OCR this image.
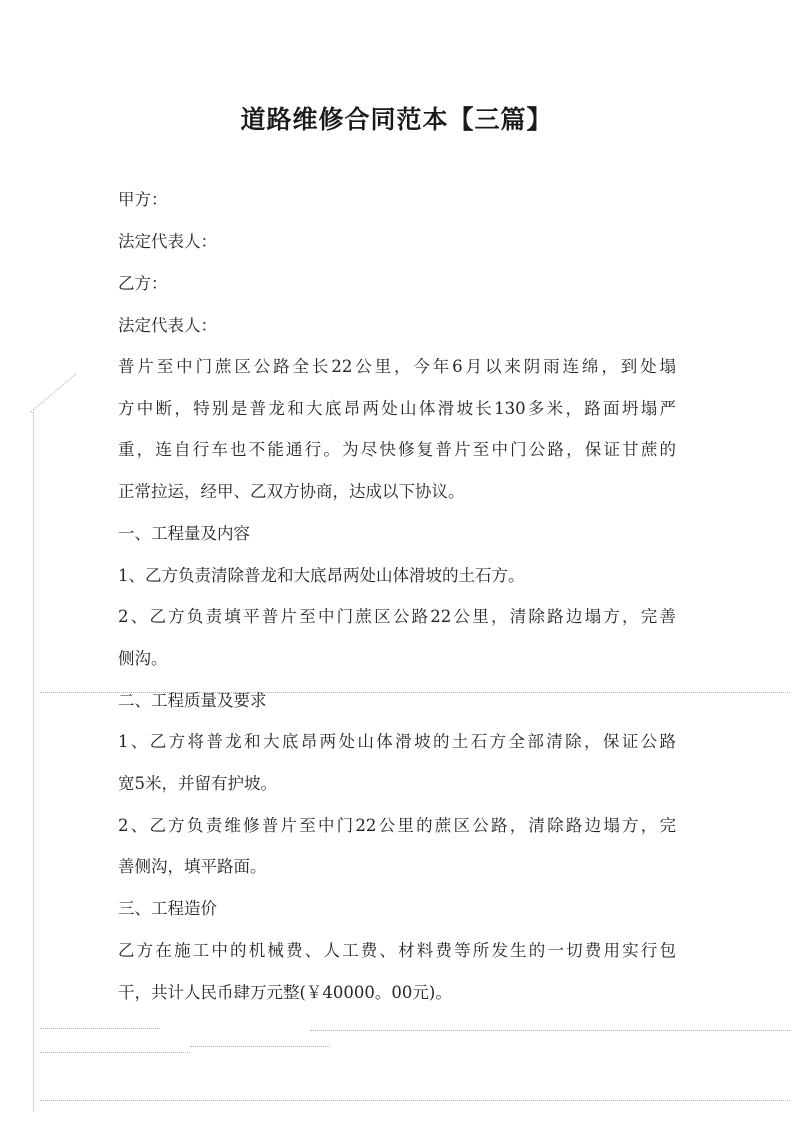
道路维修合同范本【三篇】
甲方：
法定代表人：
乙方：
法定代表人：
普片至中门蔗区公路全长22公里，今年6月以来阴雨连绵，到处塌
方中断，特别是普龙和大底昂两处山体滑坡长130多米，路面坍塌严
重，连自行车也不能通行。为尽快修复普片至中门公路，保证甘蔗的
正常拉运，经甲、乙双方协商，达成以下协议。
一、工程量及内容
1、乙方负责清除普龙和大底昂两处山体滑坡的土石方。
2、乙方负责填平普片至中门蔗区公路22公里，清除路边塌方，完善
侧沟。
二、工程质量及要求
1、乙方将普龙和大底昂两处山体滑坡的土石方全部清除，保证公路
宽5米，并留有护坡。
2、乙方负责维修普片至中门22公里的蔗区公路，清除路边塌方，完
善侧沟，填平路面。
三、工程造价
乙方在施工中的机械费、人工费、材料费等所发生的一切费用实行包
干，共计人民币肆万元整(￥40000。00元)。
